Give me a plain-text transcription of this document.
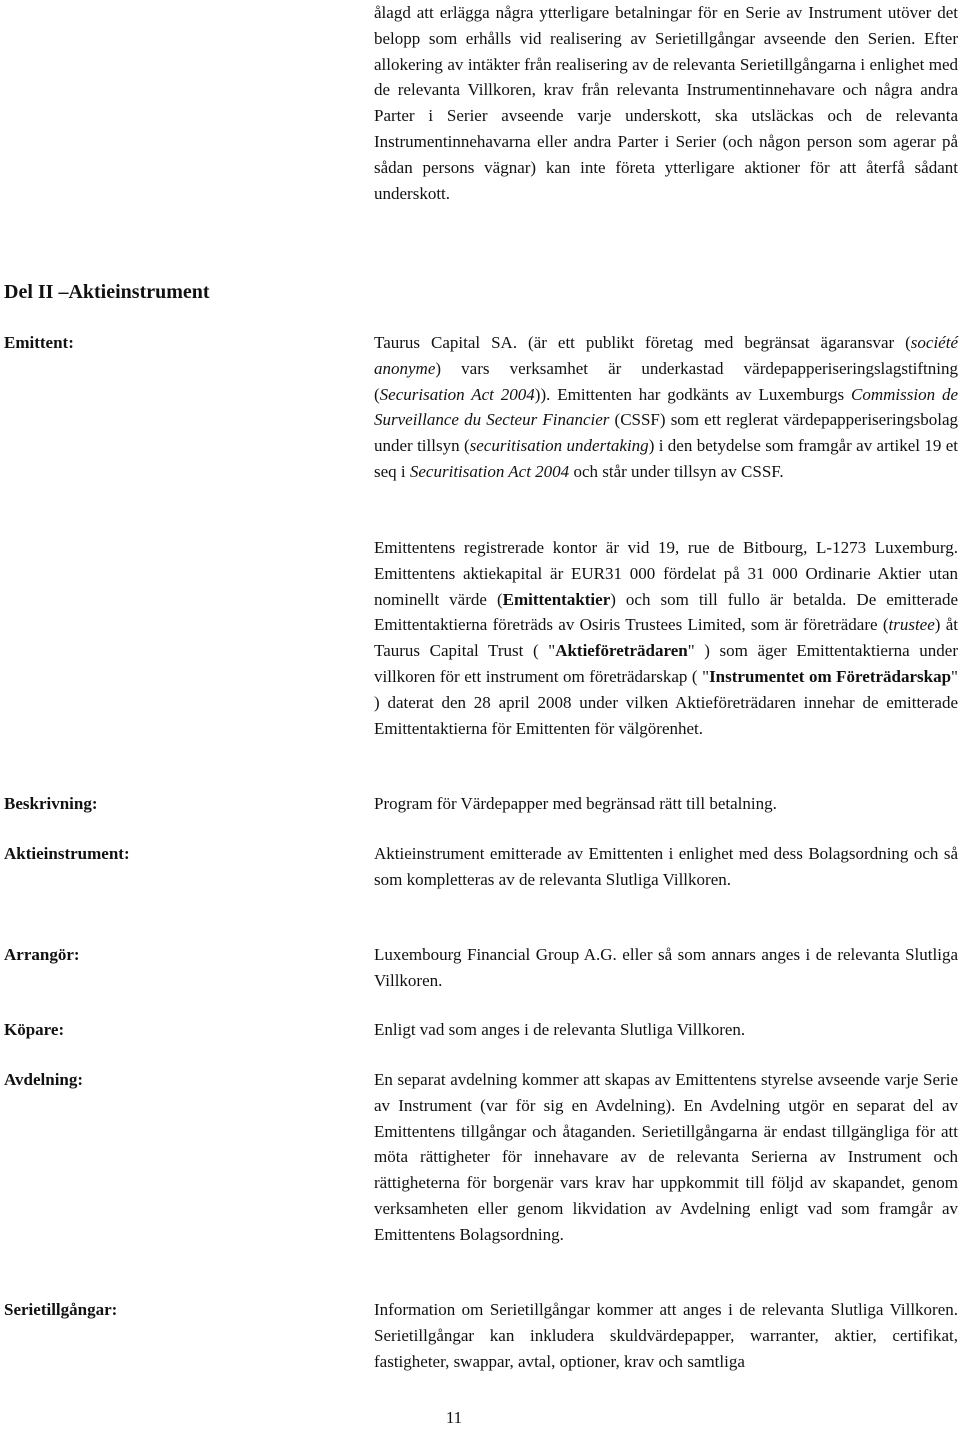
ålagd att erlägga några ytterligare betalningar för en Serie av Instrument utöver det belopp som erhålls vid realisering av Serietillgångar avseende den Serien. Efter allokering av intäkter från realisering av de relevanta Serietillgångarna i enlighet med de relevanta Villkoren, krav från relevanta Instrumentinnehavare och några andra Parter i Serier avseende varje underskott, ska utsläckas och de relevanta Instrumentinnehavarna eller andra Parter i Serier (och någon person som agerar på sådan persons vägnar) kan inte företa ytterligare aktioner för att återfå sådant underskott.

Del II –Aktieinstrument

Emittent:	Taurus Capital SA. (är ett publikt företag med begränsat ägaransvar (société anonyme) vars verksamhet är underkastad värdepapperiseringslagstiftning (Securisation Act 2004)). Emittenten har godkänts av Luxemburgs Commission de Surveillance du Secteur Financier (CSSF) som ett reglerat värdepapperiseringsbolag under tillsyn (securitisation undertaking) i den betydelse som framgår av artikel 19 et seq i Securitisation Act 2004 och står under tillsyn av CSSF.

Emittentens registrerade kontor är vid 19, rue de Bitbourg, L-1273 Luxemburg. Emittentens aktiekapital är EUR31 000 fördelat på 31 000 Ordinarie Aktier utan nominellt värde (Emittentaktier) och som till fullo är betalda. De emitterade Emittentaktierna företräds av Osiris Trustees Limited, som är företrädare (trustee) åt Taurus Capital Trust ( "Aktieföreträdaren" ) som äger Emittentaktierna under villkoren för ett instrument om företrädarskap ( "Instrumentet om Företrädarskap" ) daterat den 28 april 2008 under vilken Aktieföreträdaren innehar de emitterade Emittentaktierna för Emittenten för välgörenhet.

Beskrivning:	Program för Värdepapper med begränsad rätt till betalning.

Aktieinstrument:	Aktieinstrument emitterade av Emittenten i enlighet med dess Bolagsordning och så som kompletteras av de relevanta Slutliga Villkoren.

Arrangör:	Luxembourg Financial Group A.G. eller så som annars anges i de relevanta Slutliga Villkoren.

Köpare:	Enligt vad som anges i de relevanta Slutliga Villkoren.

Avdelning:	En separat avdelning kommer att skapas av Emittentens styrelse avseende varje Serie av Instrument (var för sig en Avdelning). En Avdelning utgör en separat del av Emittentens tillgångar och åtaganden. Serietillgångarna är endast tillgängliga för att möta rättigheter för innehavare av de relevanta Serierna av Instrument och rättigheterna för borgenär vars krav har uppkommit till följd av skapandet, genom verksamheten eller genom likvidation av Avdelning enligt vad som framgår av Emittentens Bolagsordning.

Serietillgångar:	Information om Serietillgångar kommer att anges i de relevanta Slutliga Villkoren. Serietillgångar kan inkludera skuldvärdepapper, warranter, aktier, certifikat, fastigheter, swappar, avtal, optioner, krav och samtliga

11
